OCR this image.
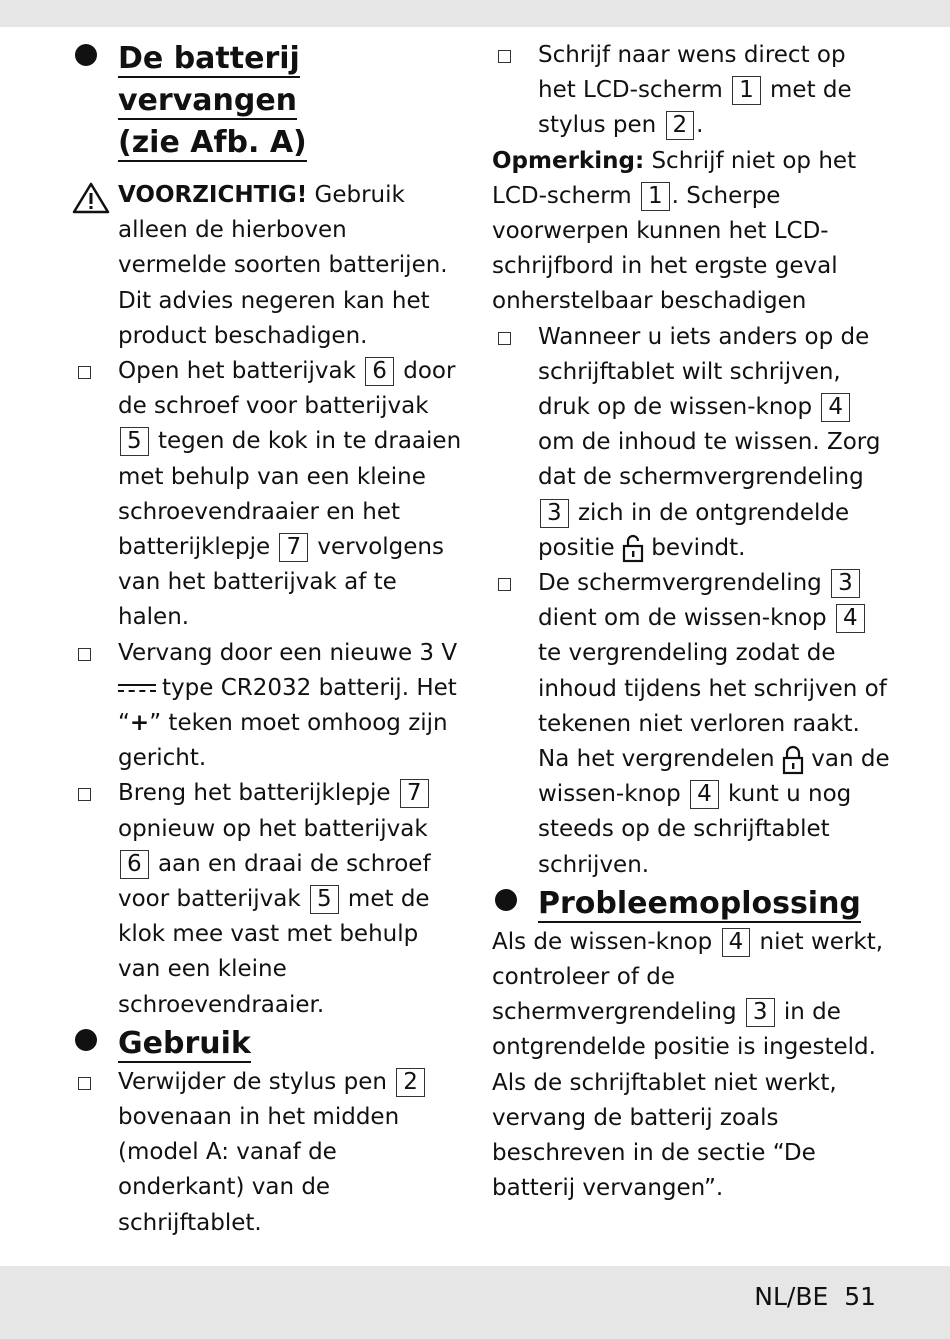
De batterij
vervangen
(zie Afb. A)
VOORZICHTIG! Gebruik alleen de hierboven vermelde soorten batterijen. Dit advies negeren kan het product beschadigen.
Open het batterijvak 6 door de schroef voor batterijvak 5 tegen de kok in te draaien met behulp van een kleine schroevendraaier en het batterijklepje 7 vervolgens van het batterijvak af te halen.
Vervang door een nieuwe 3 V

type CR2032 batterij. Het “+” teken moet omhoog zijn gericht.
Breng het batterijklepje 7 opnieuw op het batterijvak 6 aan en draai de schroef voor batterijvak 5 met de klok mee vast met behulp van een kleine schroevendraaier.
Gebruik
Verwijder de stylus pen 2 bovenaan in het midden (model A: vanaf de onderkant) van de schrijftablet.
Schrijf naar wens direct op het LCD-scherm 1 met de stylus pen 2 .

Opmerking: Schrijf niet op het LCD-scherm 1 . Scherpe voorwerpen kunnen het LCD-schrijfbord in het ergste geval onherstelbaar beschadigen

Wanneer u iets anders op de schrijftablet wilt schrijven, druk op de wissen-knop 4 om de inhoud te wissen. Zorg dat de schermvergrendeling 3 zich in de ontgrendelde positie  bevindt.
De schermvergrendeling 3 dient om de wissen-knop 4 te vergrendeling zodat de inhoud tijdens het schrijven of tekenen niet verloren raakt. Na het vergrendelen  van de wissen-knop 4 kunt u nog steeds op de schrijftablet schrijven.
Probleemoplossing

Als de wissen-knop 4 niet werkt, controleer of de schermvergrendeling 3 in de ontgrendelde positie is ingesteld. Als de schrijftablet niet werkt, vervang de batterij zoals beschreven in de sectie “De batterij vervangen”.

NL/BE 51
